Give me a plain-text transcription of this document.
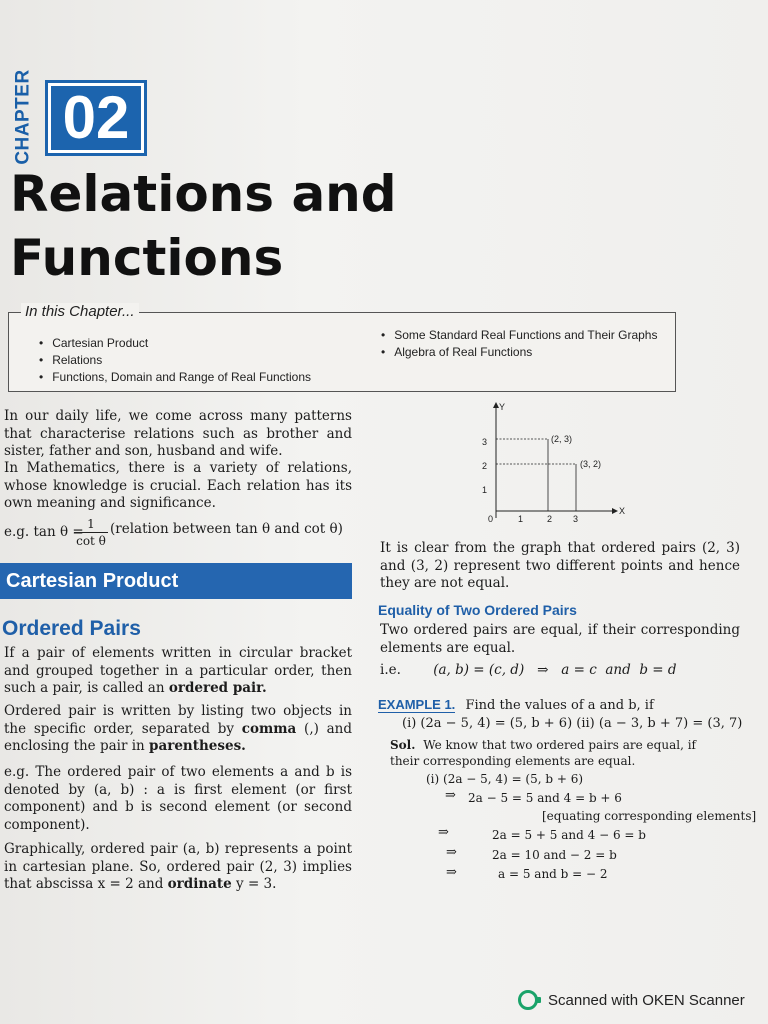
CHAPTER 02
Relations and
Functions
In this Chapter...
• Cartesian Product
• Relations
• Functions, Domain and Range of Real Functions
• Some Standard Real Functions and Their Graphs
• Algebra of Real Functions

In our daily life, we come across many patterns that characterise relations such as brother and sister, father and son, husband and wife.

In Mathematics, there is a variety of relations, whose knowledge is crucial. Each relation has its own meaning and significance.

e.g. tan θ =
$\frac{1}{\text{cot θ}}$ (relation between tan θ and cot θ)
Cartesian Product
Ordered Pairs

If a pair of elements written in circular bracket and grouped together in a particular order, then such a pair, is called an ordered pair.

Ordered pair is written by listing two objects in the specific order, separated by comma (,) and enclosing the pair in parentheses.

e.g. The ordered pair of two elements a and b is denoted by (a, b) : a is first element (or first component) and b is second element (or second component).

Graphically, ordered pair (a, b) represents a point in cartesian plane. So, ordered pair (2, 3) implies that abscissa x = 2 and ordinate y = 3.

Y
X
0	1	2 3
1
2
3	(2, 3)
(3, 2)

It is clear from the graph that ordered pairs (2, 3) and (3, 2) represent two different points and hence they are not equal.

Equality of Two Ordered Pairs

Two ordered pairs are equal, if their corresponding elements are equal.

i.e. (a, b) = (c, d)   ⇒   a = c  and  b = d
EXAMPLE 1. Find the values of a and b, if
(i) (2a − 5, 4) = (5, b + 6) (ii) (a − 3, b + 7) = (3, 7)
Sol. We know that two ordered pairs are equal, if their corresponding elements are equal.
(i) (2a − 5, 4) = (5, b + 6)
⇒ 2a − 5 = 5 and 4 = b + 6
[equating corresponding elements]
⇒	2a = 5 + 5 and 4 − 6 = b
⇒	2a = 10 and − 2 = b
⇒	a = 5 and b = − 2
Scanned with OKEN Scanner
